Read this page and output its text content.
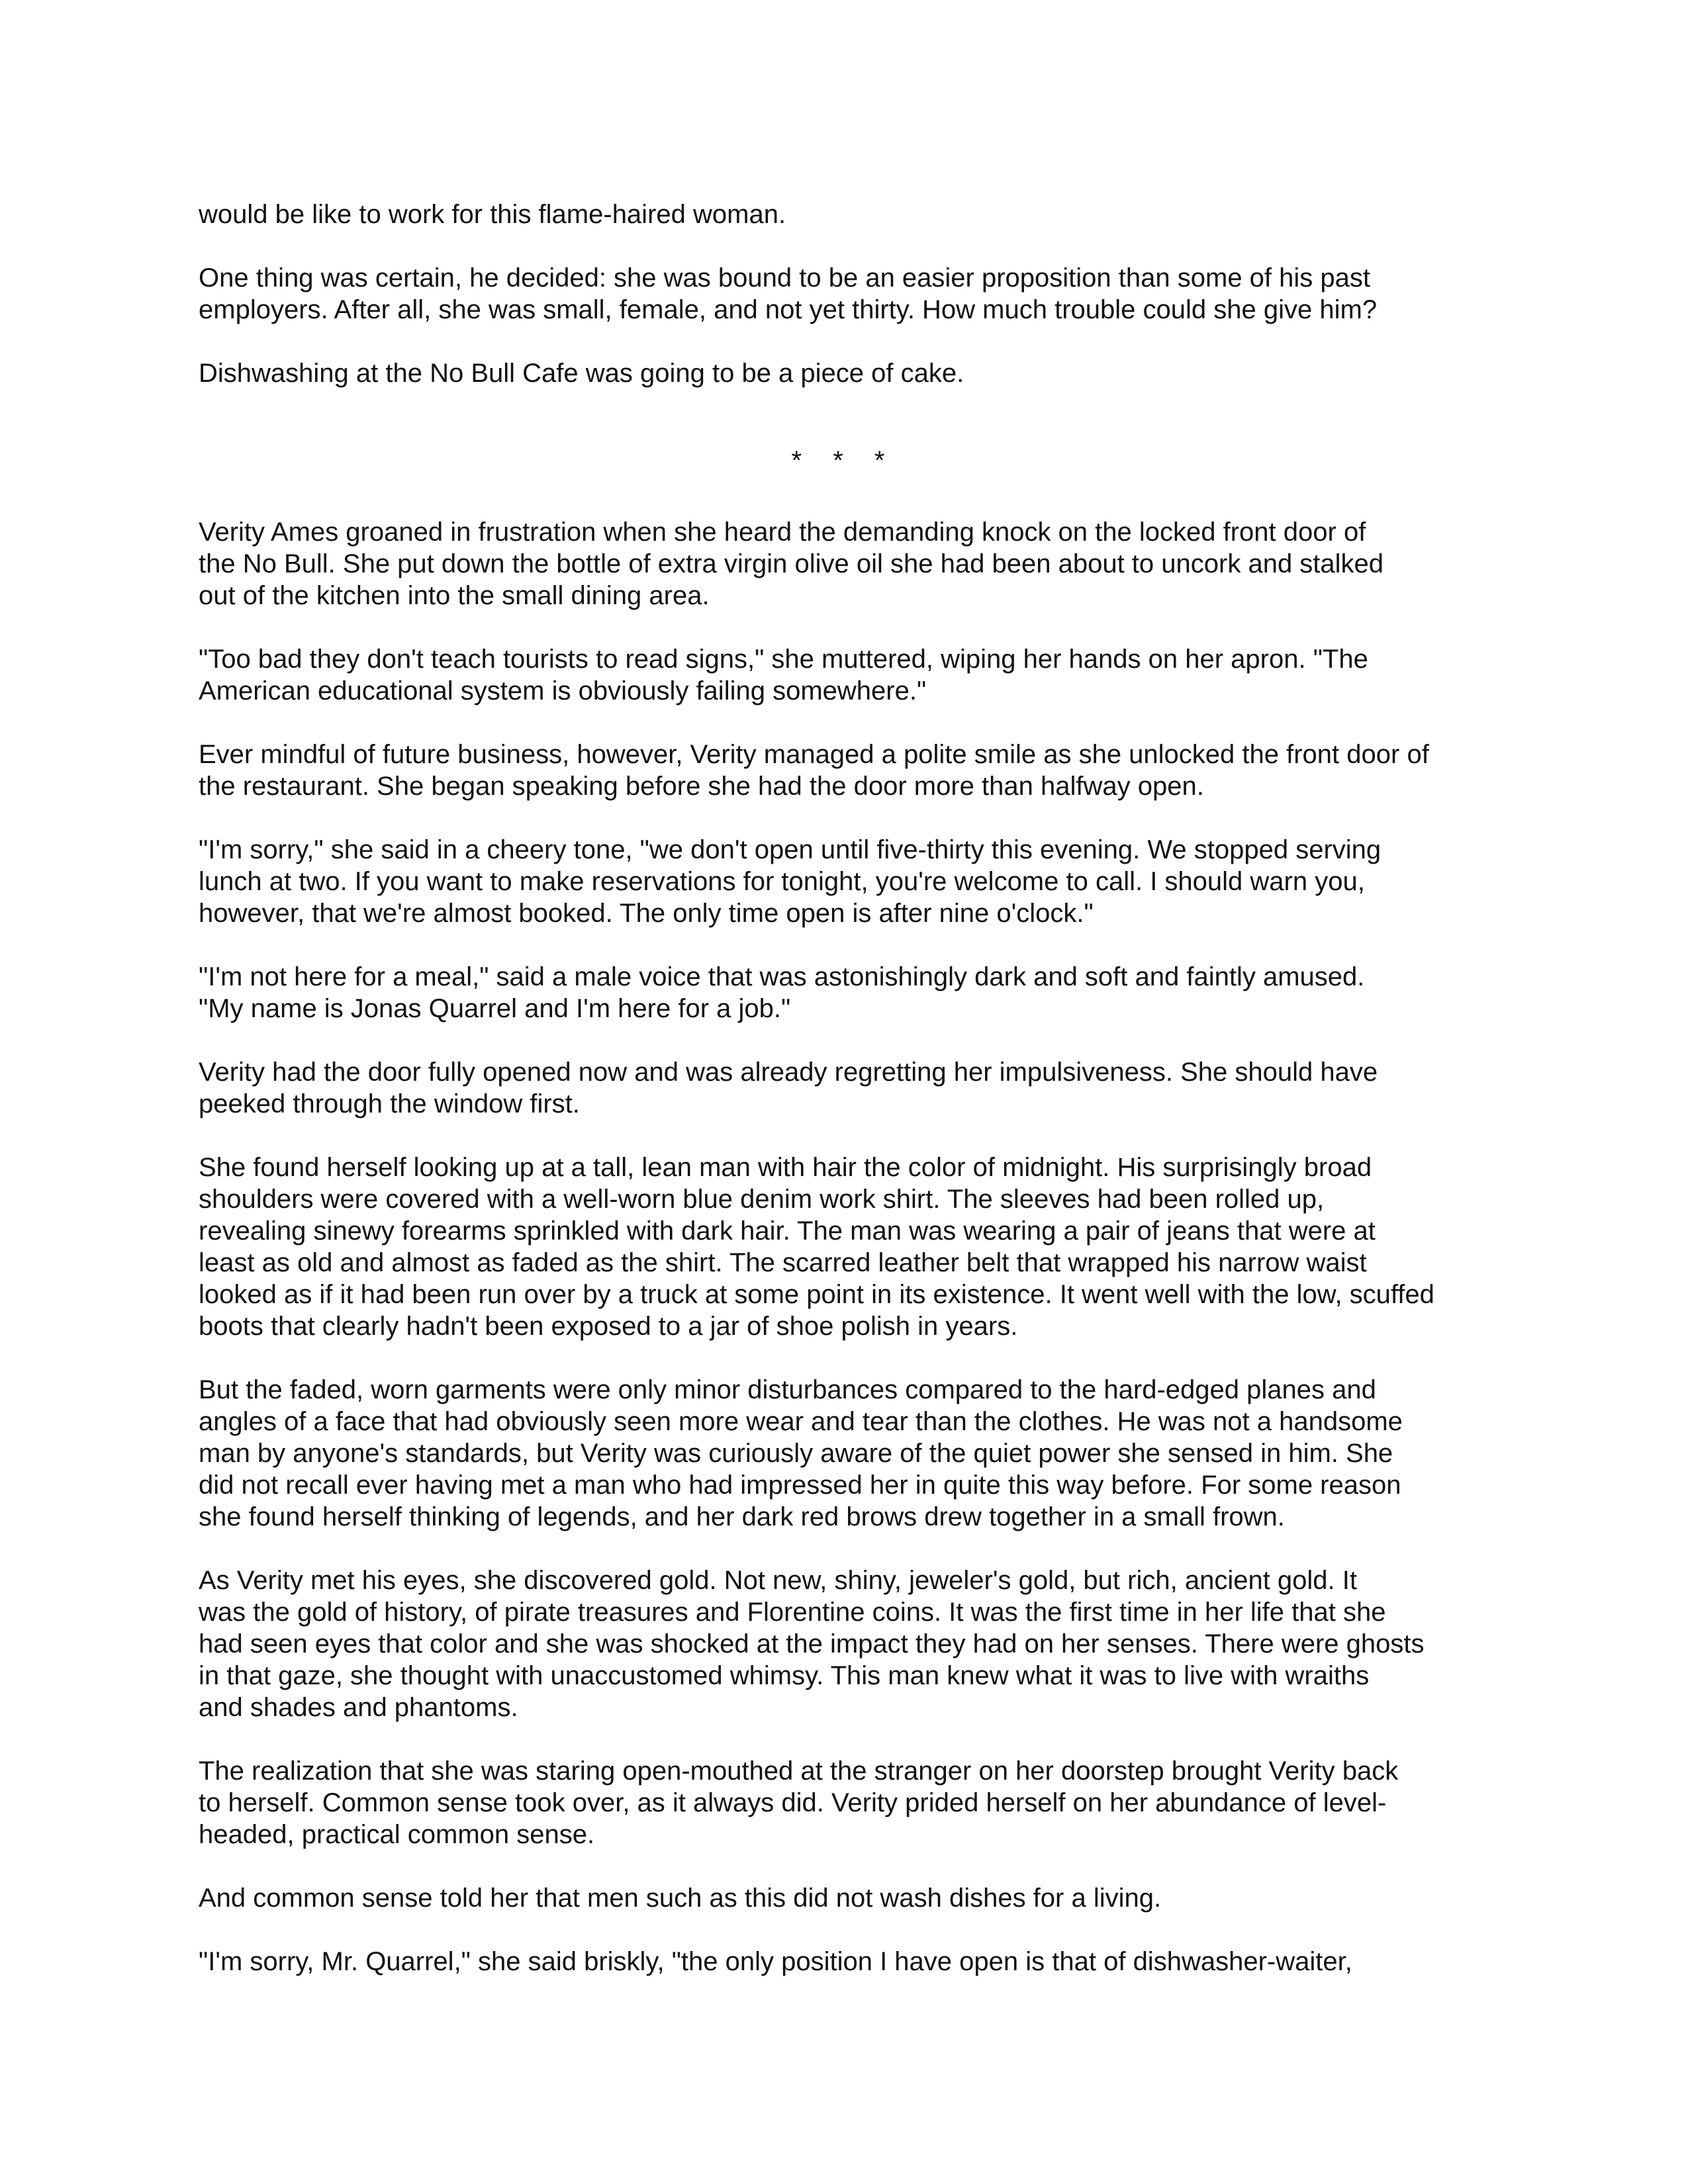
would be like to work for this flame-haired woman.

One thing was certain, he decided: she was bound to be an easier proposition than some of his past
employers. After all, she was small, female, and not yet thirty. How much trouble could she give him?

Dishwashing at the No Bull Cafe was going to be a piece of cake.

* * *

Verity Ames groaned in frustration when she heard the demanding knock on the locked front door of
the No Bull. She put down the bottle of extra virgin olive oil she had been about to uncork and stalked
out of the kitchen into the small dining area.

"Too bad they don't teach tourists to read signs," she muttered, wiping her hands on her apron. "The
American educational system is obviously failing somewhere."

Ever mindful of future business, however, Verity managed a polite smile as she unlocked the front door of
the restaurant. She began speaking before she had the door more than halfway open.

"I'm sorry," she said in a cheery tone, "we don't open until five-thirty this evening. We stopped serving
lunch at two. If you want to make reservations for tonight, you're welcome to call. I should warn you,
however, that we're almost booked. The only time open is after nine o'clock."

"I'm not here for a meal," said a male voice that was astonishingly dark and soft and faintly amused.
"My name is Jonas Quarrel and I'm here for a job."

Verity had the door fully opened now and was already regretting her impulsiveness. She should have
peeked through the window first.

She found herself looking up at a tall, lean man with hair the color of midnight. His surprisingly broad
shoulders were covered with a well-worn blue denim work shirt. The sleeves had been rolled up,
revealing sinewy forearms sprinkled with dark hair. The man was wearing a pair of jeans that were at
least as old and almost as faded as the shirt. The scarred leather belt that wrapped his narrow waist
looked as if it had been run over by a truck at some point in its existence. It went well with the low, scuffed
boots that clearly hadn't been exposed to a jar of shoe polish in years.

But the faded, worn garments were only minor disturbances compared to the hard-edged planes and
angles of a face that had obviously seen more wear and tear than the clothes. He was not a handsome
man by anyone's standards, but Verity was curiously aware of the quiet power she sensed in him. She
did not recall ever having met a man who had impressed her in quite this way before. For some reason
she found herself thinking of legends, and her dark red brows drew together in a small frown.

As Verity met his eyes, she discovered gold. Not new, shiny, jeweler's gold, but rich, ancient gold. It
was the gold of history, of pirate treasures and Florentine coins. It was the first time in her life that she
had seen eyes that color and she was shocked at the impact they had on her senses. There were ghosts
in that gaze, she thought with unaccustomed whimsy. This man knew what it was to live with wraiths
and shades and phantoms.

The realization that she was staring open-mouthed at the stranger on her doorstep brought Verity back
to herself. Common sense took over, as it always did. Verity prided herself on her abundance of level-
headed, practical common sense.

And common sense told her that men such as this did not wash dishes for a living.

"I'm sorry, Mr. Quarrel," she said briskly, "the only position I have open is that of dishwasher-waiter,
